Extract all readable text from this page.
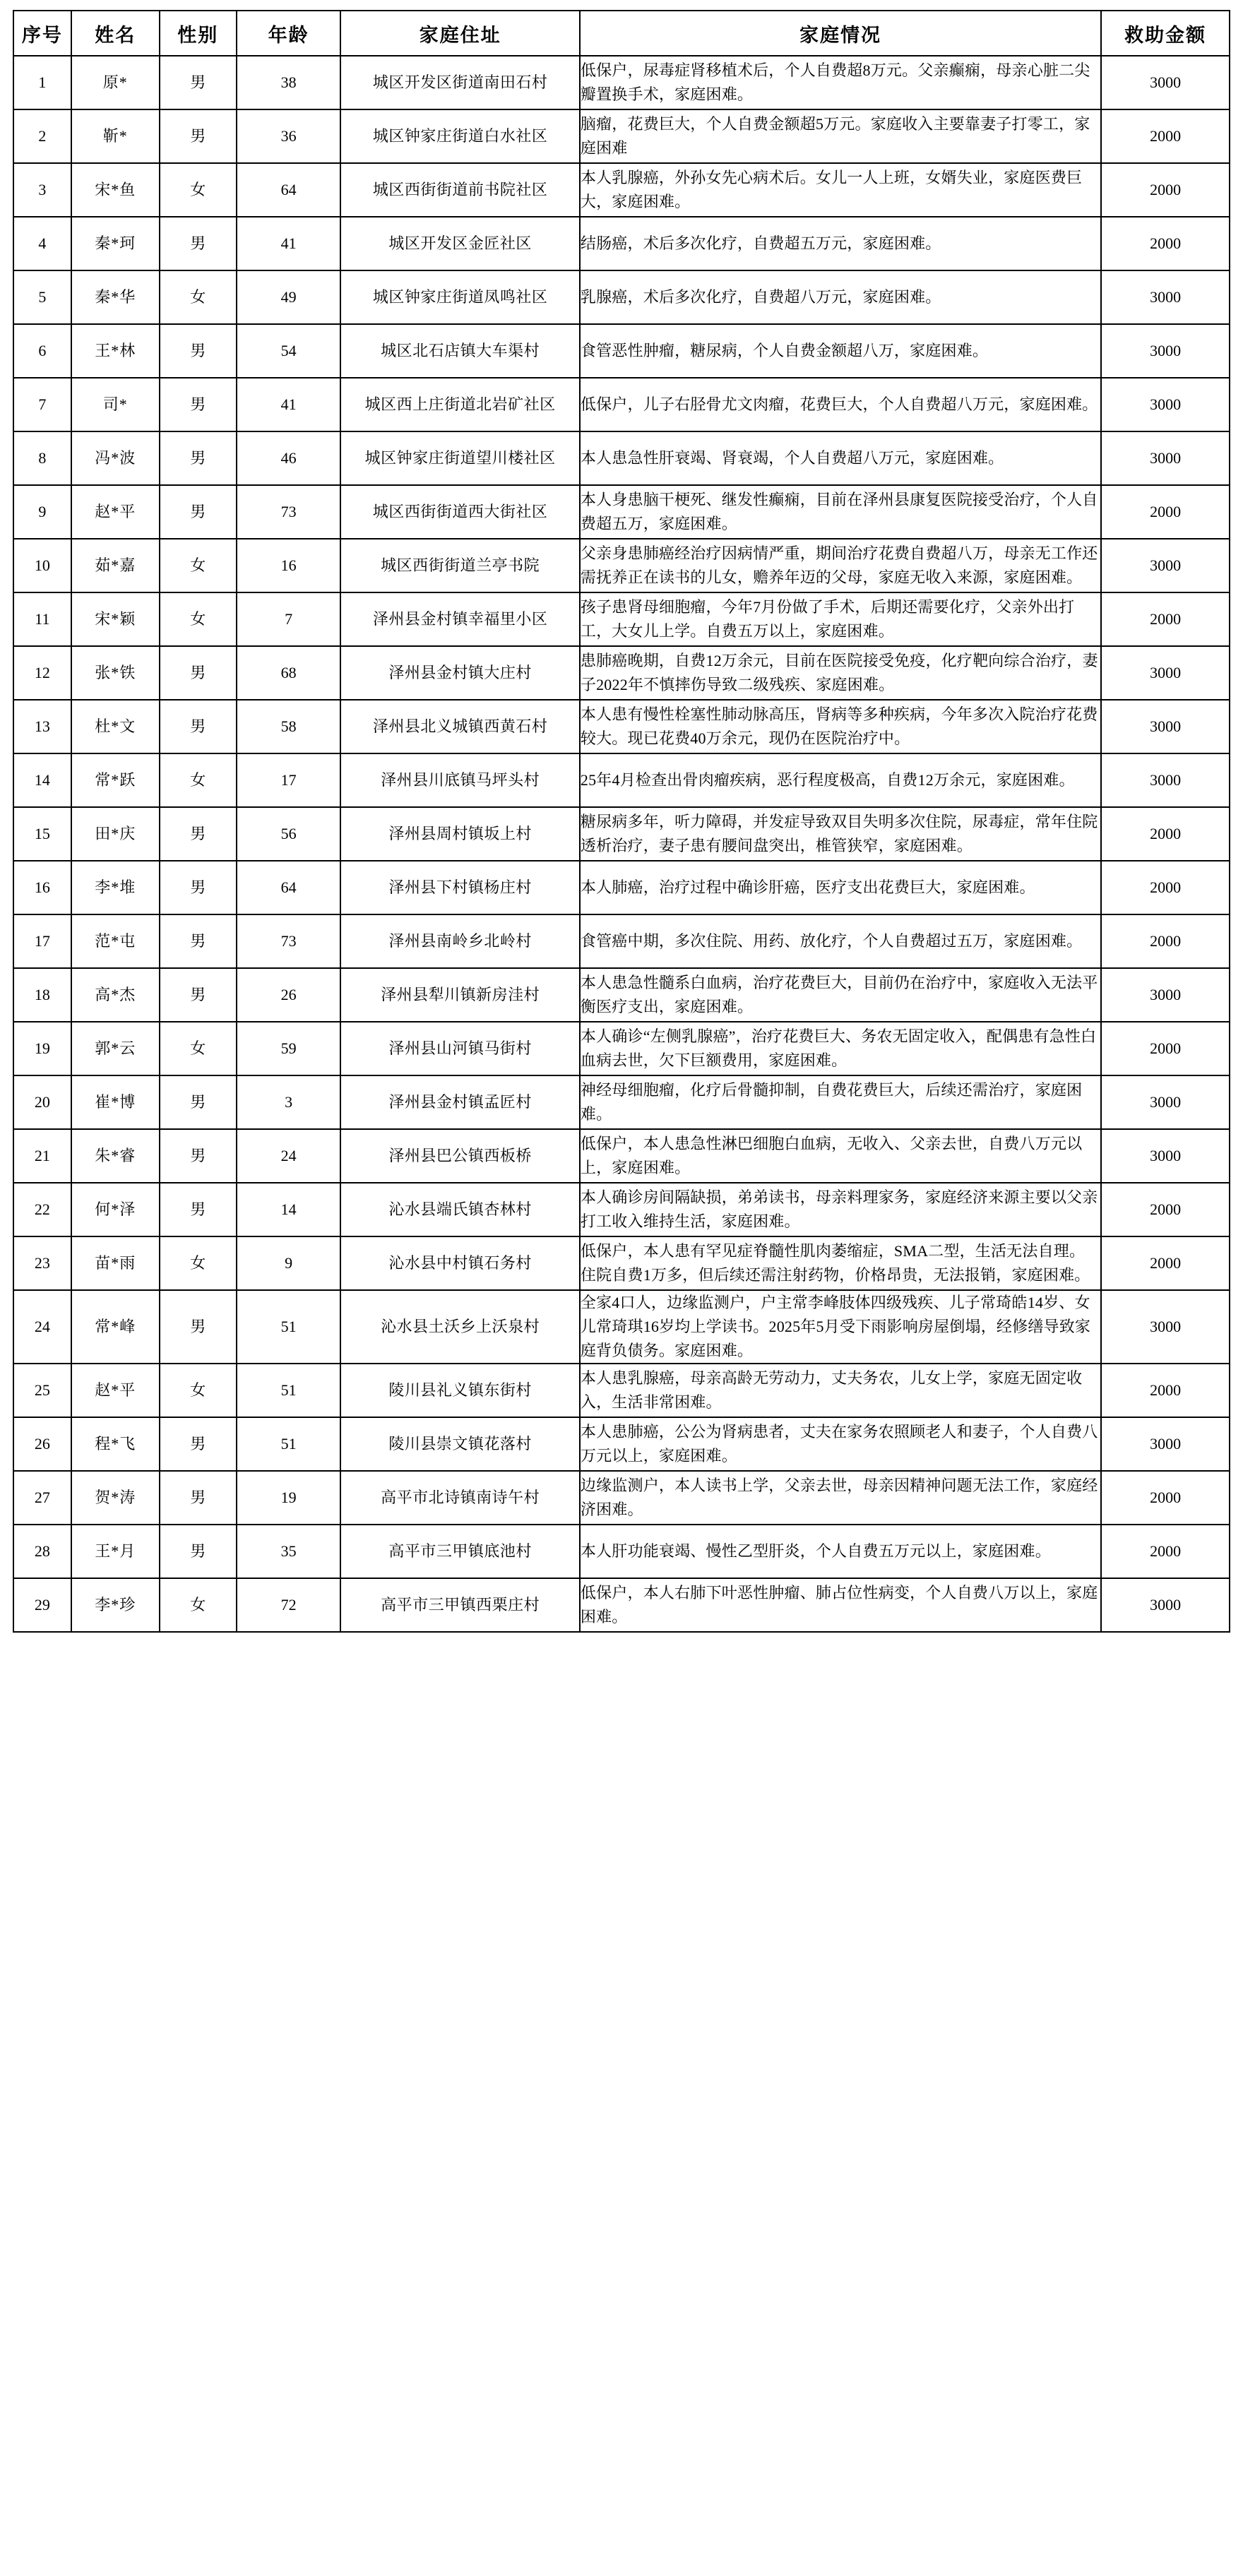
序号	姓名	性别	年龄	家庭住址	家庭情况	救助金额
1	原*	男	38	城区开发区街道南田石村	低保户，尿毒症肾移植术后，个人自费超8万元。父亲癫痫，母亲心脏二尖瓣置换手术，家庭困难。	3000
2	靳*	男	36	城区钟家庄街道白水社区	脑瘤，花费巨大，个人自费金额超5万元。家庭收入主要靠妻子打零工，家庭困难	2000
3	宋*鱼	女	64	城区西街街道前书院社区	本人乳腺癌，外孙女先心病术后。女儿一人上班，女婿失业，家庭医费巨大，家庭困难。	2000
4	秦*珂	男	41	城区开发区金匠社区	结肠癌，术后多次化疗，自费超五万元，家庭困难。	2000
5	秦*华	女	49	城区钟家庄街道凤鸣社区	乳腺癌，术后多次化疗，自费超八万元，家庭困难。	3000
6	王*林	男	54	城区北石店镇大车渠村	食管恶性肿瘤，糖尿病，个人自费金额超八万，家庭困难。	3000
7	司*	男	41	城区西上庄街道北岩矿社区	低保户，儿子右胫骨尤文肉瘤，花费巨大，个人自费超八万元，家庭困难。	3000
8	冯*波	男	46	城区钟家庄街道望川楼社区	本人患急性肝衰竭、肾衰竭，个人自费超八万元，家庭困难。	3000
9	赵*平	男	73	城区西街街道西大街社区	本人身患脑干梗死、继发性癫痫，目前在泽州县康复医院接受治疗，个人自费超五万，家庭困难。	2000
10	茹*嘉	女	16	城区西街街道兰亭书院	父亲身患肺癌经治疗因病情严重，期间治疗花费自费超八万，母亲无工作还需抚养正在读书的儿女，赡养年迈的父母，家庭无收入来源，家庭困难。	3000
11	宋*颖	女	7	泽州县金村镇幸福里小区	孩子患肾母细胞瘤，今年7月份做了手术，后期还需要化疗，父亲外出打工，大女儿上学。自费五万以上，家庭困难。	2000
12	张*铁	男	68	泽州县金村镇大庄村	患肺癌晚期，自费12万余元，目前在医院接受免疫，化疗靶向综合治疗，妻子2022年不慎摔伤导致二级残疾、家庭困难。	3000
13	杜*文	男	58	泽州县北义城镇西黄石村	本人患有慢性栓塞性肺动脉高压，肾病等多种疾病，今年多次入院治疗花费较大。现已花费40万余元，现仍在医院治疗中。	3000
14	常*跃	女	17	泽州县川底镇马坪头村	25年4月检查出骨肉瘤疾病，恶行程度极高，自费12万余元，家庭困难。	3000
15	田*庆	男	56	泽州县周村镇坂上村	糖尿病多年，听力障碍，并发症导致双目失明多次住院，尿毒症，常年住院透析治疗，妻子患有腰间盘突出，椎管狭窄，家庭困难。	2000
16	李*堆	男	64	泽州县下村镇杨庄村	本人肺癌，治疗过程中确诊肝癌，医疗支出花费巨大，家庭困难。	2000
17	范*屯	男	73	泽州县南岭乡北岭村	食管癌中期，多次住院、用药、放化疗，个人自费超过五万，家庭困难。	2000
18	高*杰	男	26	泽州县犁川镇新房洼村	本人患急性髓系白血病，治疗花费巨大，目前仍在治疗中，家庭收入无法平衡医疗支出，家庭困难。	3000
19	郭*云	女	59	泽州县山河镇马街村	本人确诊“左侧乳腺癌”，治疗花费巨大、务农无固定收入，配偶患有急性白血病去世，欠下巨额费用，家庭困难。	2000
20	崔*博	男	3	泽州县金村镇孟匠村	神经母细胞瘤，化疗后骨髓抑制，自费花费巨大，后续还需治疗，家庭困难。	3000
21	朱*睿	男	24	泽州县巴公镇西板桥	低保户，本人患急性淋巴细胞白血病，无收入、父亲去世，自费八万元以上，家庭困难。	3000
22	何*泽	男	14	沁水县端氏镇杏林村	本人确诊房间隔缺损，弟弟读书，母亲料理家务，家庭经济来源主要以父亲打工收入维持生活，家庭困难。	2000
23	苗*雨	女	9	沁水县中村镇石务村	低保户，本人患有罕见症脊髓性肌肉萎缩症，SMA二型，生活无法自理。住院自费1万多，但后续还需注射药物，价格昂贵，无法报销，家庭困难。	2000
24	常*峰	男	51	沁水县土沃乡上沃泉村	全家4口人，边缘监测户，户主常李峰肢体四级残疾、儿子常琦皓14岁、女儿常琦琪16岁均上学读书。2025年5月受下雨影响房屋倒塌，经修缮导致家庭背负债务。家庭困难。	3000
25	赵*平	女	51	陵川县礼义镇东街村	本人患乳腺癌，母亲高龄无劳动力，丈夫务农，儿女上学，家庭无固定收入，生活非常困难。	2000
26	程*飞	男	51	陵川县崇文镇花落村	本人患肺癌，公公为肾病患者，丈夫在家务农照顾老人和妻子，个人自费八万元以上，家庭困难。	3000
27	贺*涛	男	19	高平市北诗镇南诗午村	边缘监测户，本人读书上学，父亲去世，母亲因精神问题无法工作，家庭经济困难。	2000
28	王*月	男	35	高平市三甲镇底池村	本人肝功能衰竭、慢性乙型肝炎，个人自费五万元以上，家庭困难。	2000
29	李*珍	女	72	高平市三甲镇西栗庄村	低保户，本人右肺下叶恶性肿瘤、肺占位性病变，个人自费八万以上，家庭困难。	3000
